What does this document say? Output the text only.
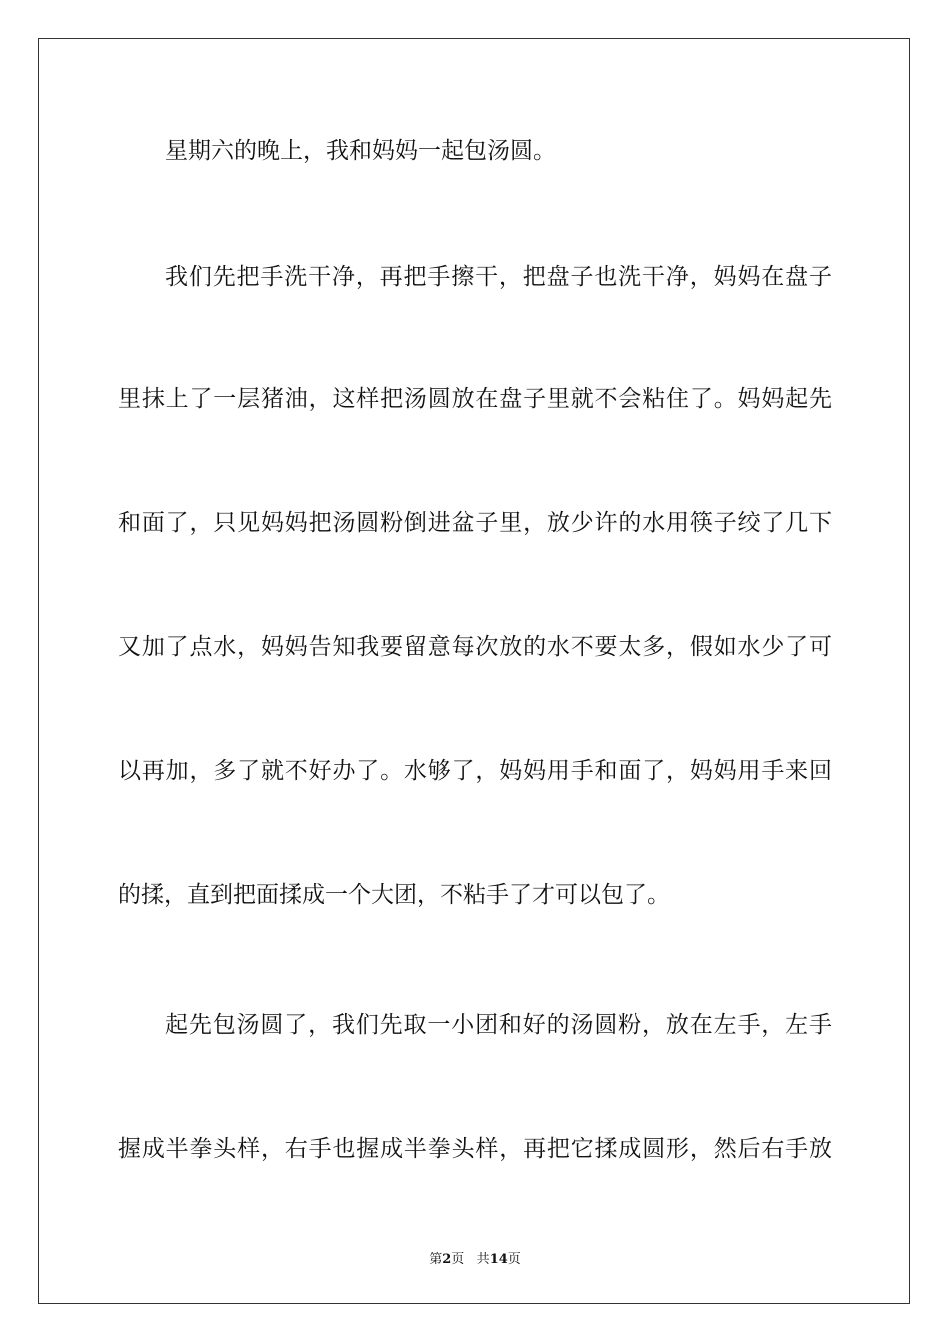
星期六的晚上，我和妈妈一起包汤圆。
我们先把手洗干净，再把手擦干，把盘子也洗干净，妈妈在盘子
里抹上了一层猪油，这样把汤圆放在盘子里就不会粘住了。妈妈起先
和面了，只见妈妈把汤圆粉倒进盆子里，放少许的水用筷子绞了几下
又加了点水，妈妈告知我要留意每次放的水不要太多，假如水少了可
以再加，多了就不好办了。水够了，妈妈用手和面了，妈妈用手来回
的揉，直到把面揉成一个大团，不粘手了才可以包了。
起先包汤圆了，我们先取一小团和好的汤圆粉，放在左手，左手
握成半拳头样，右手也握成半拳头样，再把它揉成圆形，然后右手放
第2页 共14页
